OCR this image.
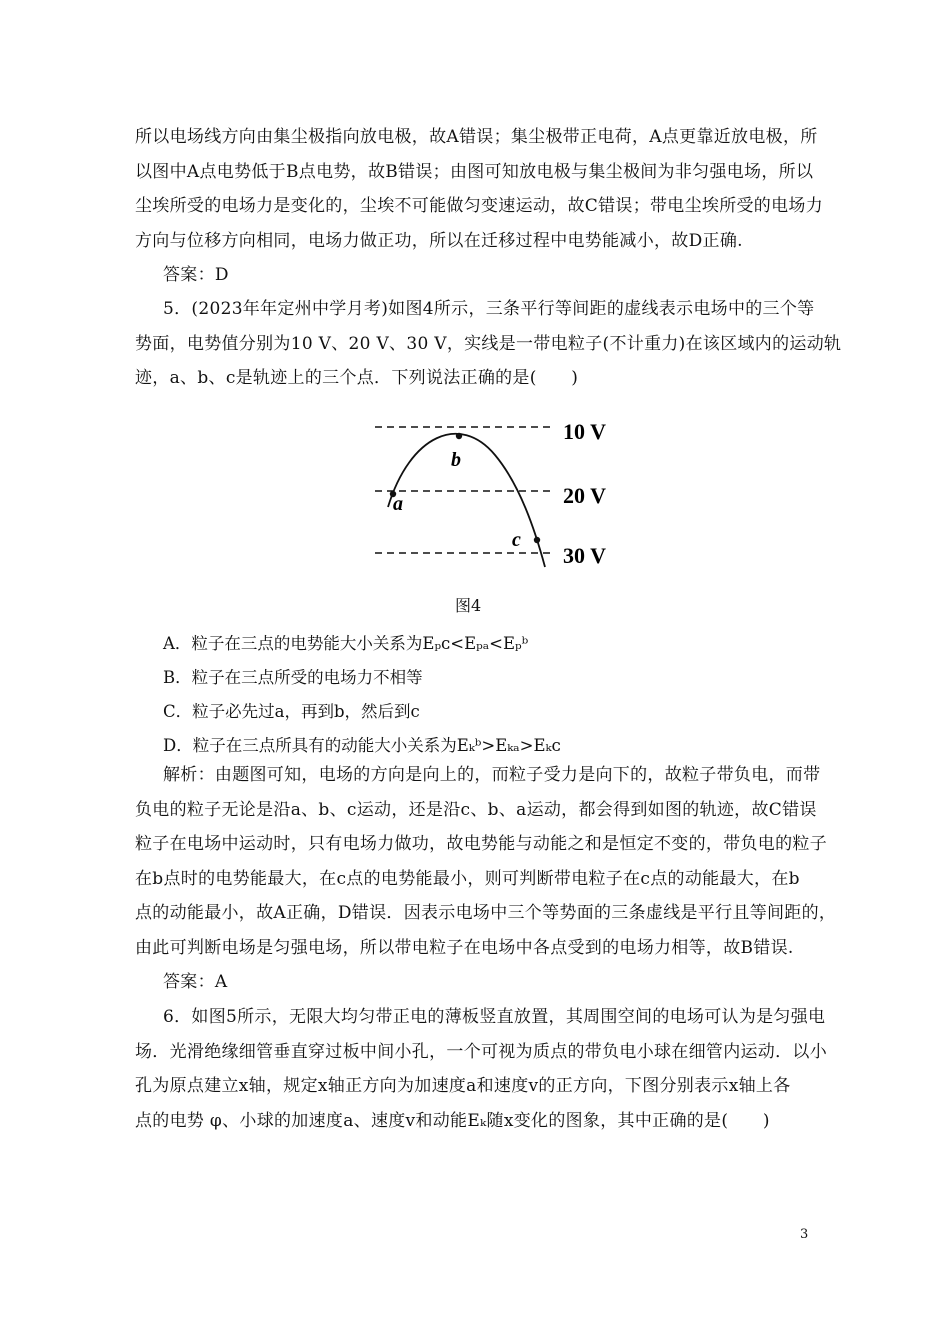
所以电场线方向由集尘极指向放电极，故A错误；集尘极带正电荷，A点更靠近放电极，所
以图中A点电势低于B点电势，故B错误；由图可知放电极与集尘极间为非匀强电场，所以
尘埃所受的电场力是变化的，尘埃不可能做匀变速运动，故C错误；带电尘埃所受的电场力
方向与位移方向相同，电场力做正功，所以在迁移过程中电势能减小，故D正确.
答案：D
5．(2023年年定州中学月考)如图4所示，三条平行等间距的虚线表示电场中的三个等
势面，电势值分别为10 V、20 V、30 V，实线是一带电粒子(不计重力)在该区域内的运动轨
迹，a、b、c是轨迹上的三个点．下列说法正确的是(　　)
a
b
c
10 V
20 V
30 V
图4
A．粒子在三点的电势能大小关系为Eₚᴄ<Eₚₐ<Eₚᵇ
B．粒子在三点所受的电场力不相等
C．粒子必先过a，再到b，然后到c
D．粒子在三点所具有的动能大小关系为Eₖᵇ>Eₖₐ>Eₖᴄ
解析：由题图可知，电场的方向是向上的，而粒子受力是向下的，故粒子带负电，而带
负电的粒子无论是沿a、b、c运动，还是沿c、b、a运动，都会得到如图的轨迹，故C错误
粒子在电场中运动时，只有电场力做功，故电势能与动能之和是恒定不变的，带负电的粒子
在b点时的电势能最大，在c点的电势能最小，则可判断带电粒子在c点的动能最大，在b
点的动能最小，故A正确，D错误．因表示电场中三个等势面的三条虚线是平行且等间距的，
由此可判断电场是匀强电场，所以带电粒子在电场中各点受到的电场力相等，故B错误.
答案：A
6．如图5所示，无限大均匀带正电的薄板竖直放置，其周围空间的电场可认为是匀强电
场．光滑绝缘细管垂直穿过板中间小孔，一个可视为质点的带负电小球在细管内运动．以小
孔为原点建立x轴，规定x轴正方向为加速度a和速度v的正方向，下图分别表示x轴上各
点的电势 φ、小球的加速度a、速度v和动能Eₖ随x变化的图象，其中正确的是(　　)
3
